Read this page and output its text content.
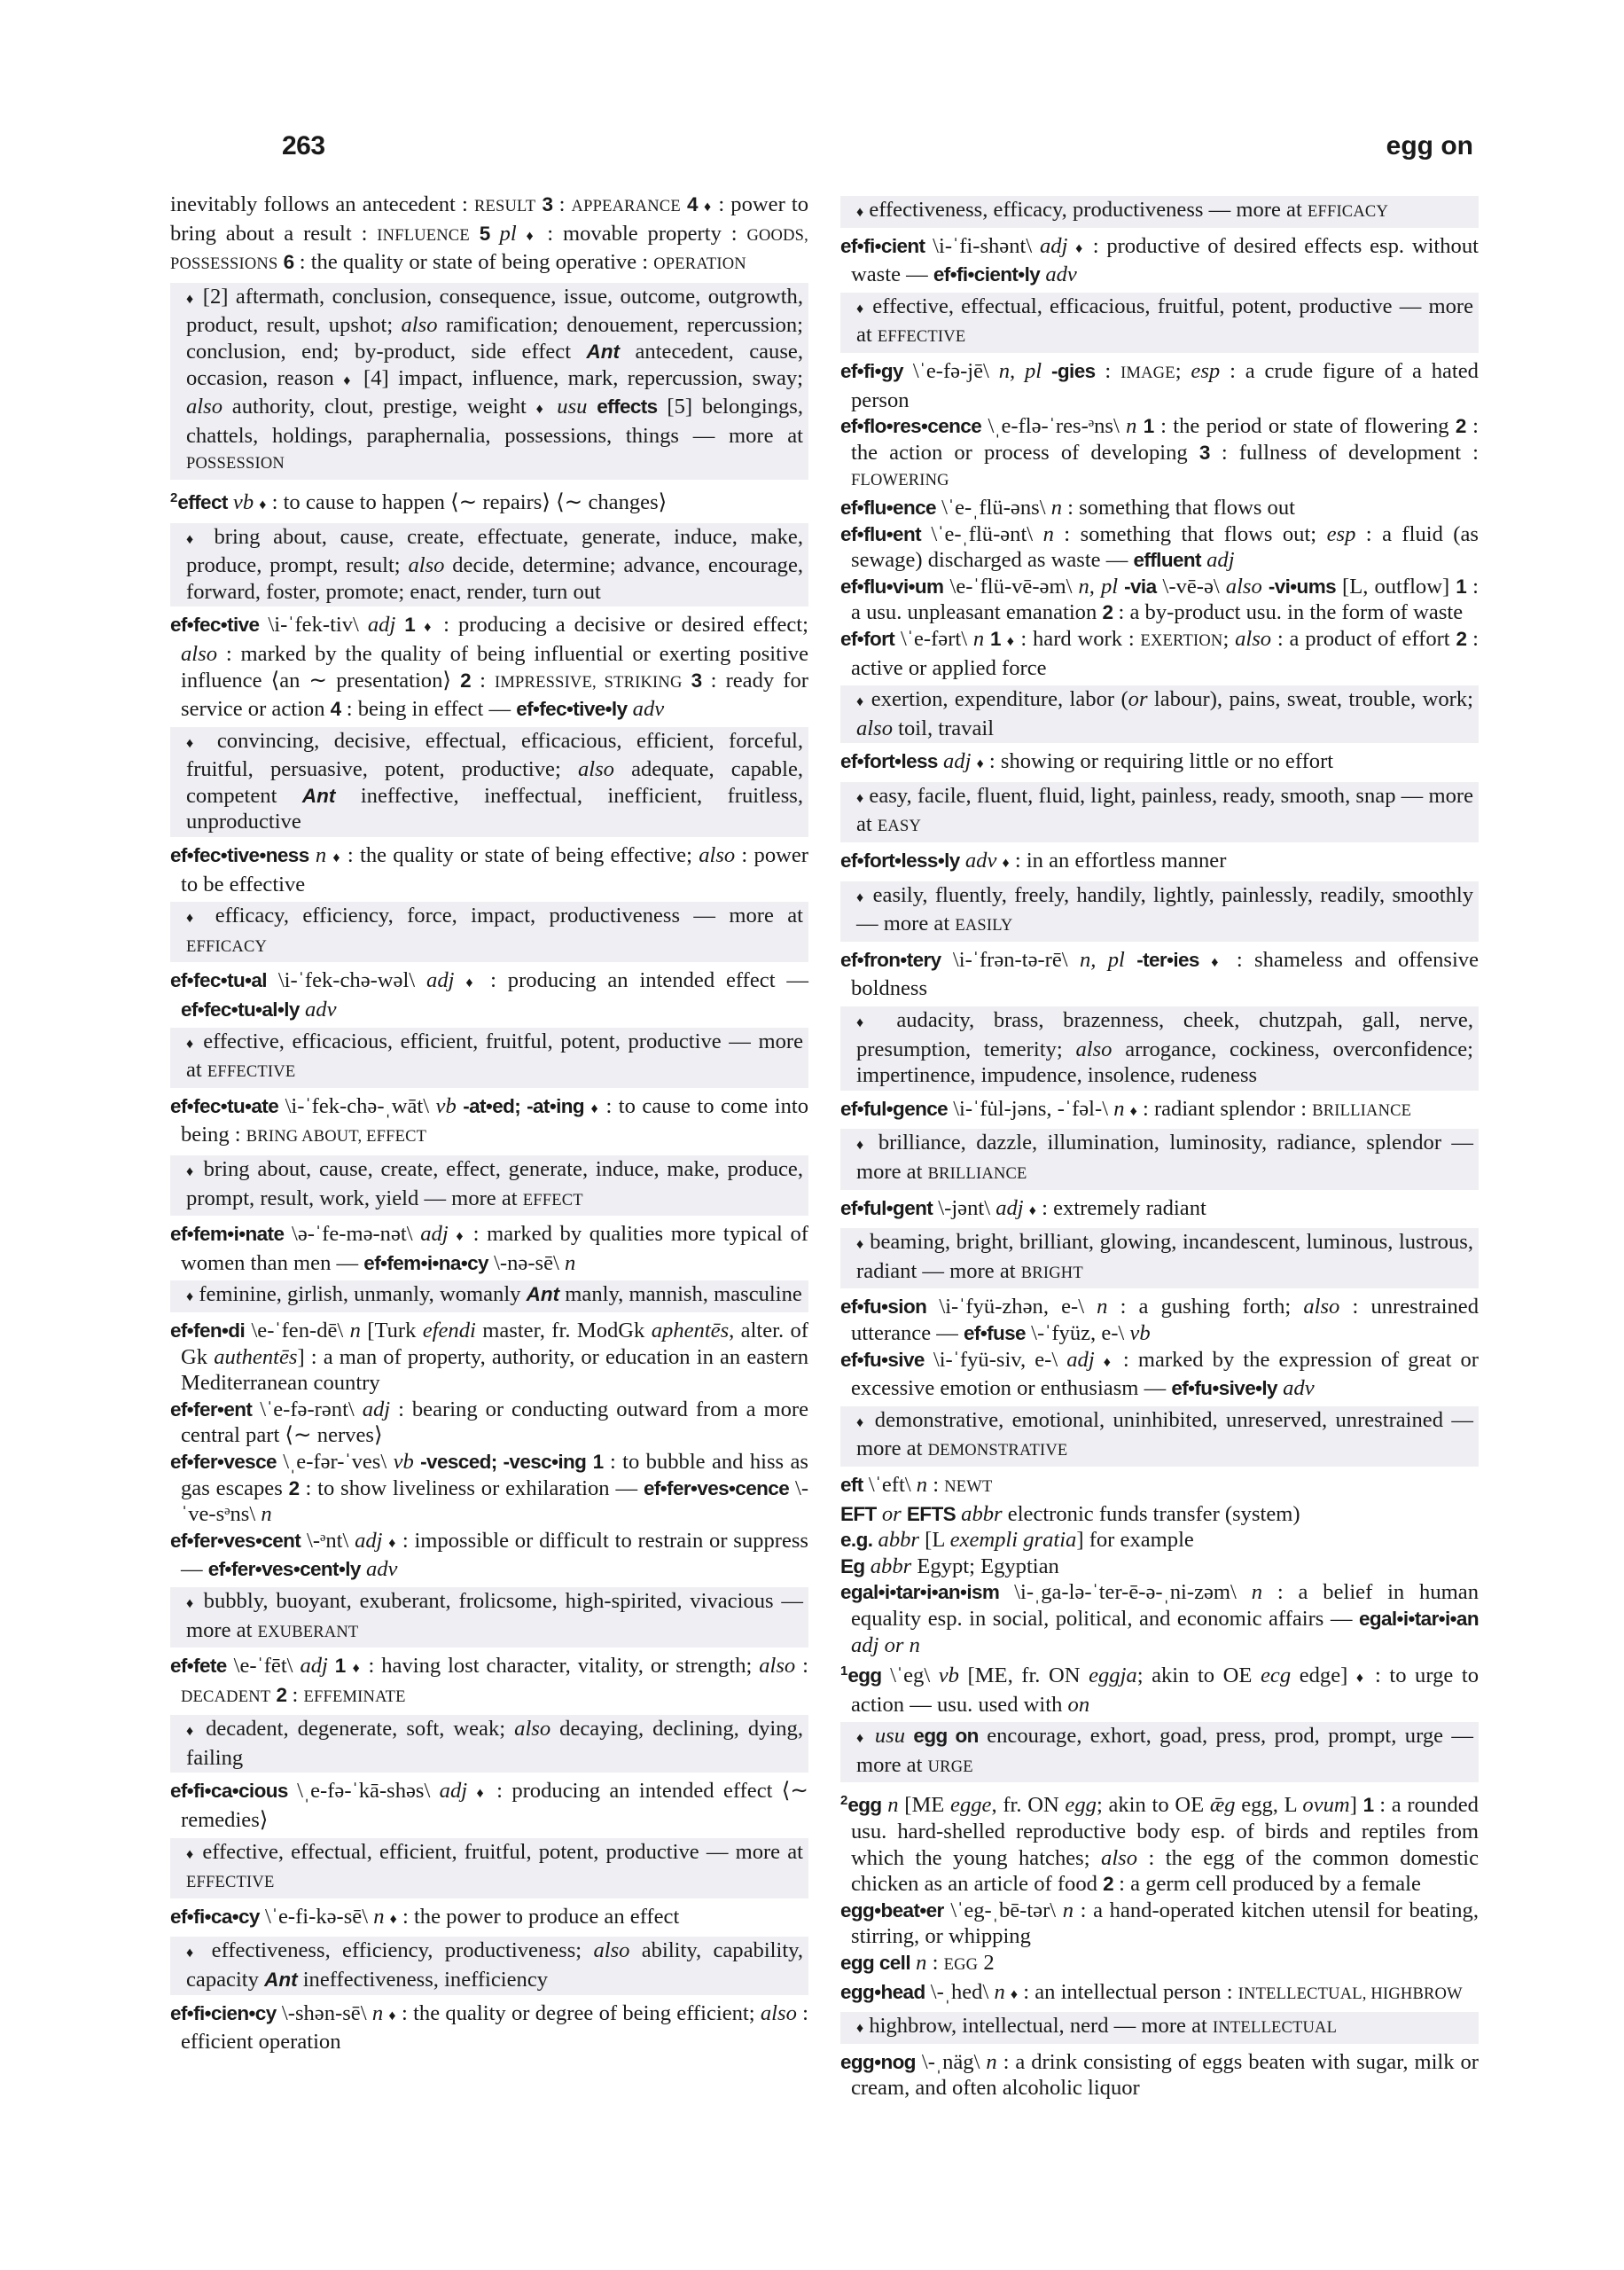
263	egg on
inevitably follows an antecedent : RESULT 3 : APPEARANCE 4 ♦ : power to bring about a result : INFLUENCE 5 pl ♦ : movable property : GOODS, POSSESSIONS 6 : the quality or state of being operative : OPERATION
♦ [2] aftermath, conclusion, consequence, issue, outcome, outgrowth, product, result, upshot; also ramification; denouement, repercussion; conclusion, end; by-product, side effect Ant antecedent, cause, occasion, reason ♦ [4] impact, influence, mark, repercussion, sway; also authority, clout, prestige, weight ♦ usu effects [5] belongings, chattels, holdings, paraphernalia, possessions, things — more at POSSESSION
$^2$effect vb ♦ : to cause to happen ⟨∼ repairs⟩ ⟨∼ changes⟩
♦ bring about, cause, create, effectuate, generate, induce, make, produce, prompt, result; also decide, determine; advance, encourage, forward, foster, promote; enact, render, turn out
ef•fec•tive \i-ˈfek-tiv\ adj 1 ♦ : producing a decisive or desired effect; also : marked by the quality of being influential or exerting positive influence ⟨an ∼ presentation⟩ 2 : IMPRESSIVE, STRIKING 3 : ready for service or action 4 : being in effect — ef•fec•tive•ly adv
♦ convincing, decisive, effectual, efficacious, efficient, forceful, fruitful, persuasive, potent, productive; also adequate, capable, competent Ant ineffective, ineffectual, inefficient, fruitless, unproductive
ef•fec•tive•ness n ♦ : the quality or state of being effective; also : power to be effective
♦ efficacy, efficiency, force, impact, productiveness — more at EFFICACY
ef•fec•tu•al \i-ˈfek-chə-wəl\ adj ♦ : producing an intended effect — ef•fec•tu•al•ly adv
♦ effective, efficacious, efficient, fruitful, potent, productive — more at EFFECTIVE
ef•fec•tu•ate \i-ˈfek-chə-ˌwāt\ vb -at•ed; -at•ing ♦ : to cause to come into being : BRING ABOUT, EFFECT
♦ bring about, cause, create, effect, generate, induce, make, produce, prompt, result, work, yield — more at EFFECT
ef•fem•i•nate \ə-ˈfe-mə-nət\ adj ♦ : marked by qualities more typical of women than men — ef•fem•i•na•cy \-nə-sē\ n
♦ feminine, girlish, unmanly, womanly Ant manly, mannish, masculine
ef•fen•di \e-ˈfen-dē\ n [Turk efendi master, fr. ModGk aphentēs, alter. of Gk authentēs] : a man of property, authority, or education in an eastern Mediterranean country
ef•fer•ent \ˈe-fə-rənt\ adj : bearing or conducting outward from a more central part ⟨∼ nerves⟩
ef•fer•vesce \ˌe-fər-ˈves\ vb -vesced; -vesc•ing 1 : to bubble and hiss as gas escapes 2 : to show liveliness or exhilaration — ef•fer•ves•cence \-ˈve-sᵊns\ n
ef•fer•ves•cent \-ᵊnt\ adj ♦ : impossible or difficult to restrain or suppress — ef•fer•ves•cent•ly adv
♦ bubbly, buoyant, exuberant, frolicsome, high-spirited, vivacious — more at EXUBERANT
ef•fete \e-ˈfēt\ adj 1 ♦ : having lost character, vitality, or strength; also : DECADENT 2 : EFFEMINATE
♦ decadent, degenerate, soft, weak; also decaying, declining, dying, failing
ef•fi•ca•cious \ˌe-fə-ˈkā-shəs\ adj ♦ : producing an intended effect ⟨∼ remedies⟩
♦ effective, effectual, efficient, fruitful, potent, productive — more at EFFECTIVE
ef•fi•ca•cy \ˈe-fi-kə-sē\ n ♦ : the power to produce an effect
♦ effectiveness, efficiency, productiveness; also ability, capability, capacity Ant ineffectiveness, inefficiency
ef•fi•cien•cy \-shən-sē\ n ♦ : the quality or degree of being efficient; also : efficient operation
♦ effectiveness, efficacy, productiveness — more at EFFICACY
ef•fi•cient \i-ˈfi-shənt\ adj ♦ : productive of desired effects esp. without waste — ef•fi•cient•ly adv
♦ effective, effectual, efficacious, fruitful, potent, productive — more at EFFECTIVE
ef•fi•gy \ˈe-fə-jē\ n, pl -gies : IMAGE; esp : a crude figure of a hated person
ef•flo•res•cence \ˌe-flə-ˈres-ᵊns\ n 1 : the period or state of flowering 2 : the action or process of developing 3 : fullness of development : FLOWERING
ef•flu•ence \ˈe-ˌflü-əns\ n : something that flows out
ef•flu•ent \ˈe-ˌflü-ənt\ n : something that flows out; esp : a fluid (as sewage) discharged as waste — effluent adj
ef•flu•vi•um \e-ˈflü-vē-əm\ n, pl -via \-vē-ə\ also -vi•ums [L, outflow] 1 : a usu. unpleasant emanation 2 : a by-product usu. in the form of waste
ef•fort \ˈe-fərt\ n 1 ♦ : hard work : EXERTION; also : a product of effort 2 : active or applied force
♦ exertion, expenditure, labor (or labour), pains, sweat, trouble, work; also toil, travail
ef•fort•less adj ♦ : showing or requiring little or no effort
♦ easy, facile, fluent, fluid, light, painless, ready, smooth, snap — more at EASY
ef•fort•less•ly adv ♦ : in an effortless manner
♦ easily, fluently, freely, handily, lightly, painlessly, readily, smoothly — more at EASILY
ef•fron•tery \i-ˈfrən-tə-rē\ n, pl -ter•ies ♦ : shameless and offensive boldness
♦ audacity, brass, brazenness, cheek, chutzpah, gall, nerve, presumption, temerity; also arrogance, cockiness, overconfidence; impertinence, impudence, insolence, rudeness
ef•ful•gence \i-ˈfu̇l-jəns, -ˈfəl-\ n ♦ : radiant splendor : BRILLIANCE
♦ brilliance, dazzle, illumination, luminosity, radiance, splendor — more at BRILLIANCE
ef•ful•gent \-jənt\ adj ♦ : extremely radiant
♦ beaming, bright, brilliant, glowing, incandescent, luminous, lustrous, radiant — more at BRIGHT
ef•fu•sion \i-ˈfyü-zhən, e-\ n : a gushing forth; also : unrestrained utterance — ef•fuse \-ˈfyüz, e-\ vb
ef•fu•sive \i-ˈfyü-siv, e-\ adj ♦ : marked by the expression of great or excessive emotion or enthusiasm — ef•fu•sive•ly adv
♦ demonstrative, emotional, uninhibited, unreserved, unrestrained — more at DEMONSTRATIVE
eft \ˈeft\ n : NEWT
EFT or EFTS abbr electronic funds transfer (system)
e.g. abbr [L exempli gratia] for example
Eg abbr Egypt; Egyptian
egal•i•tar•i•an•ism \i-ˌga-lə-ˈter-ē-ə-ˌni-zəm\ n : a belief in human equality esp. in social, political, and economic affairs — egal•i•tar•i•an adj or n
$^1$egg \ˈeg\ vb [ME, fr. ON eggja; akin to OE ecg edge] ♦ : to urge to action — usu. used with on
♦ usu egg on encourage, exhort, goad, press, prod, prompt, urge — more at URGE
$^2$egg n [ME egge, fr. ON egg; akin to OE ǣg egg, L ovum] 1 : a rounded usu. hard-shelled reproductive body esp. of birds and reptiles from which the young hatches; also : the egg of the common domestic chicken as an article of food 2 : a germ cell produced by a female
egg•beat•er \ˈeg-ˌbē-tər\ n : a hand-operated kitchen utensil for beating, stirring, or whipping
egg cell n : EGG 2
egg•head \-ˌhed\ n ♦ : an intellectual person : INTELLECTUAL, HIGHBROW
♦ highbrow, intellectual, nerd — more at INTELLECTUAL
egg•nog \-ˌnäg\ n : a drink consisting of eggs beaten with sugar, milk or cream, and often alcoholic liquor
